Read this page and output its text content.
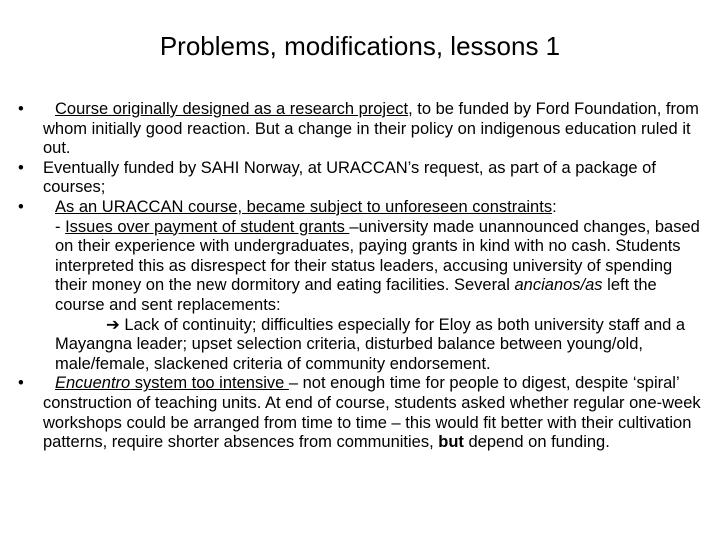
Problems, modifications, lessons 1

• Course originally designed as a research project, to be funded by Ford Foundation, from whom initially good reaction. But a change in their policy on indigenous education ruled it out.

• Eventually funded by SAHI Norway, at URACCAN’s request, as part of a package of courses;

•	As an URACCAN course, became subject to unforeseen constraints:
- Issues over payment of student grants –university made unannounced changes, based on their experience with undergraduates, paying grants in kind with no cash. Students interpreted this as disrespect for their status leaders, accusing university of spending their money on the new dormitory and eating facilities. Several ancianos/as left the course and sent replacements:
➔ Lack of continuity; difficulties especially for Eloy as both university staff and a Mayangna leader; upset selection criteria, disturbed balance between young/old, male/female, slackened criteria of community endorsement.

• Encuentro system too intensive – not enough time for people to digest, despite ‘spiral’ construction of teaching units. At end of course, students asked whether regular one-week workshops could be arranged from time to time – this would fit better with their cultivation patterns, require shorter absences from communities, but depend on funding.
